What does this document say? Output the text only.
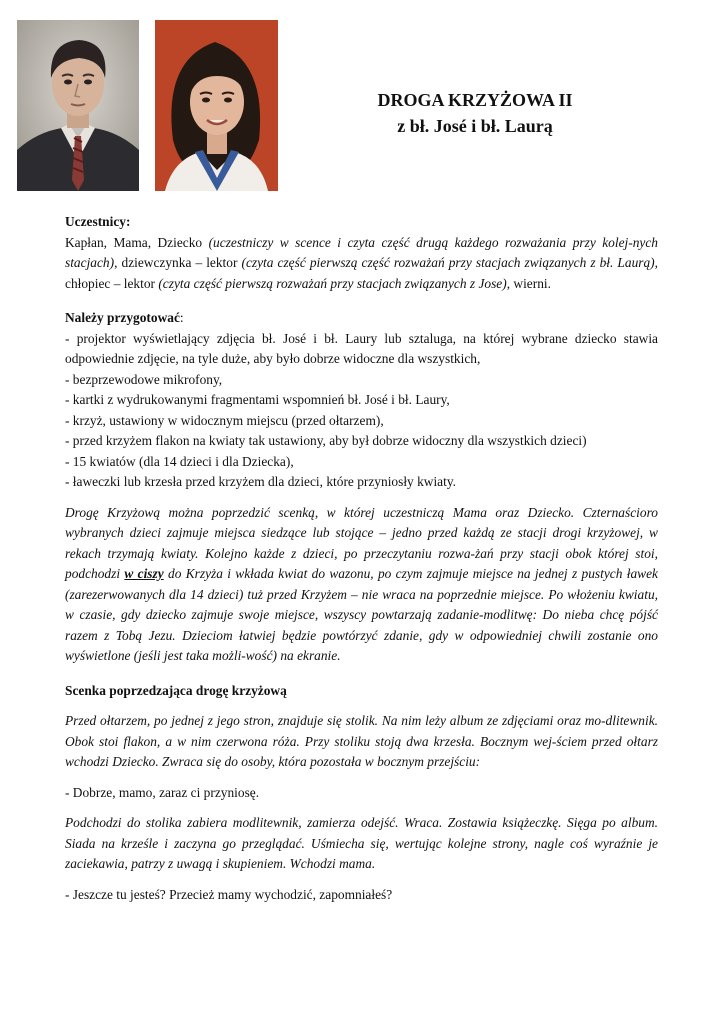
DROGA KRZYŻOWA II
z bł. José i bł. Laurą

Uczestnicy:

Kapłan, Mama, Dziecko (uczestniczy w scence i czyta część drugą każdego rozważania przy kolej-nych stacjach), dziewczynka – lektor (czyta część pierwszą część rozważań przy stacjach związanych z bł. Laurą), chłopiec – lektor (czyta część pierwszą rozważań przy stacjach związanych z Jose), wierni.

Należy przygotować:

- projektor wyświetlający zdjęcia bł. José i bł. Laury lub sztaluga, na której wybrane dziecko stawia odpowiednie zdjęcie, na tyle duże, aby było dobrze widoczne dla wszystkich,

- bezprzewodowe mikrofony,

- kartki z wydrukowanymi fragmentami wspomnień bł. José i bł. Laury,

- krzyż, ustawiony w widocznym miejscu (przed ołtarzem),

- przed krzyżem flakon na kwiaty tak ustawiony, aby był dobrze widoczny dla wszystkich dzieci)

- 15 kwiatów (dla 14 dzieci i dla Dziecka),

- ławeczki lub krzesła przed krzyżem dla dzieci, które przyniosły kwiaty.

Drogę Krzyżową można poprzedzić scenką, w której uczestniczą Mama oraz Dziecko. Czternaścioro wybranych dzieci zajmuje miejsca siedzące lub stojące – jedno przed każdą ze stacji drogi krzyżowej, w rekach trzymają kwiaty. Kolejno każde z dzieci, po przeczytaniu rozwa-żań przy stacji obok której stoi, podchodzi w ciszy do Krzyża i wkłada kwiat do wazonu, po czym zajmuje miejsce na jednej z pustych ławek (zarezerwowanych dla 14 dzieci) tuż przed Krzyżem – nie wraca na poprzednie miejsce. Po włożeniu kwiatu, w czasie, gdy dziecko zajmuje swoje miejsce, wszyscy powtarzają zadanie-modlitwę: Do nieba chcę pójść razem z Tobą Jezu. Dzieciom łatwiej będzie powtórzyć zdanie, gdy w odpowiedniej chwili zostanie ono wyświetlone (jeśli jest taka możli-wość) na ekranie.

Scenka poprzedzająca drogę krzyżową

Przed ołtarzem, po jednej z jego stron, znajduje się stolik. Na nim leży album ze zdjęciami oraz mo-dlitewnik. Obok stoi flakon, a w nim czerwona róża. Przy stoliku stoją dwa krzesła. Bocznym wej-ściem przed ołtarz wchodzi Dziecko. Zwraca się do osoby, która pozostała w bocznym przejściu:

- Dobrze, mamo, zaraz ci przyniosę.

Podchodzi do stolika zabiera modlitewnik, zamierza odejść. Wraca. Zostawia książeczkę. Sięga po album. Siada na krześle i zaczyna go przeglądać. Uśmiecha się, wertując kolejne strony, nagle coś wyraźnie je zaciekawia, patrzy z uwagą i skupieniem. Wchodzi mama.

- Jeszcze tu jesteś? Przecież mamy wychodzić, zapomniałeś?
